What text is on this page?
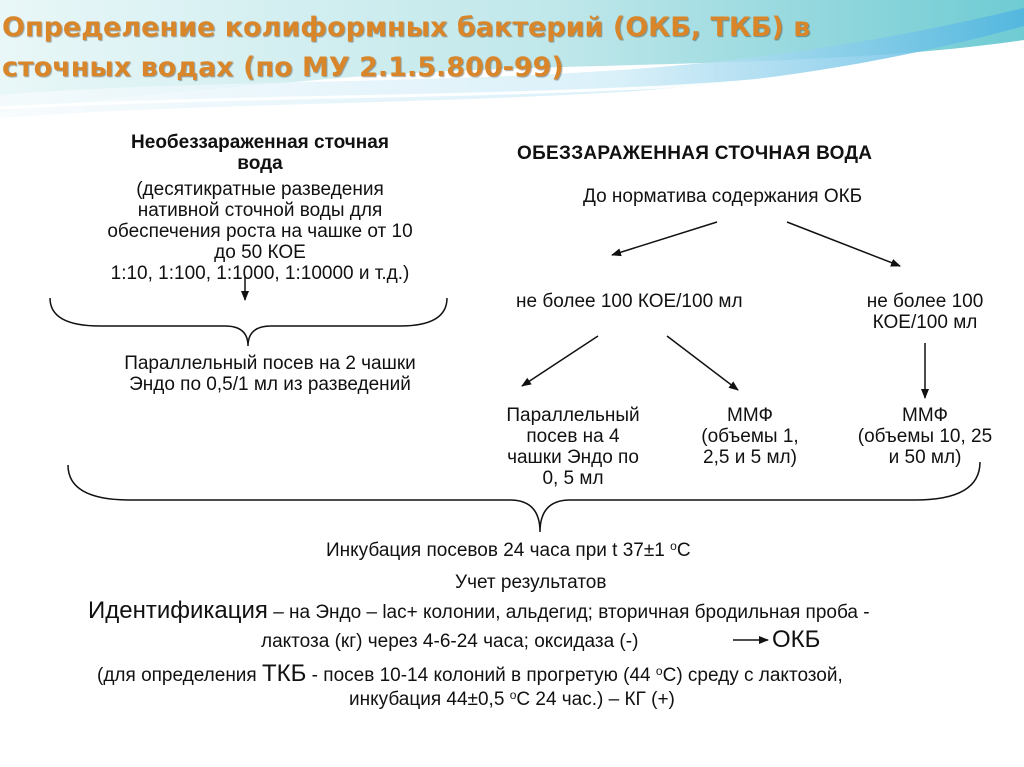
Определение колиформных бактерий (ОКБ, ТКБ) в
сточных водах (по МУ 2.1.5.800-99)
Необеззараженная сточная
вода
(десятикратные разведения
нативной сточной воды для
обеспечения роста на чашке от 10
до 50 КОЕ
1:10, 1:100, 1:1000, 1:10000 и т.д.)
Параллельный посев на 2 чашки
Эндо по 0,5/1 мл из разведений
ОБЕЗЗАРАЖЕННАЯ СТОЧНАЯ ВОДА
До норматива содержания ОКБ
не более 100 КОЕ/100 мл	не более 100
КОЕ/100 мл
Параллельный
посев на 4
чашки Эндо по
0, 5 мл
ММФ
(объемы 1,
2,5 и 5 мл)
ММФ
(объемы 10, 25
и 50 мл)
Инкубация посевов 24 часа при t 37±1 $^о$С
Учет результатов
Идентификация – на Эндо – lac+ колонии, альдегид; вторичная бродильная проба -
лактоза (кг) через 4-6-24 часа; оксидаза (-)	ОКБ
(для определения ТКБ - посев 10-14 колоний в прогретую (44 $^о$С) среду с лактозой,
инкубация 44±0,5 $^о$С 24 час.) – КГ (+)
